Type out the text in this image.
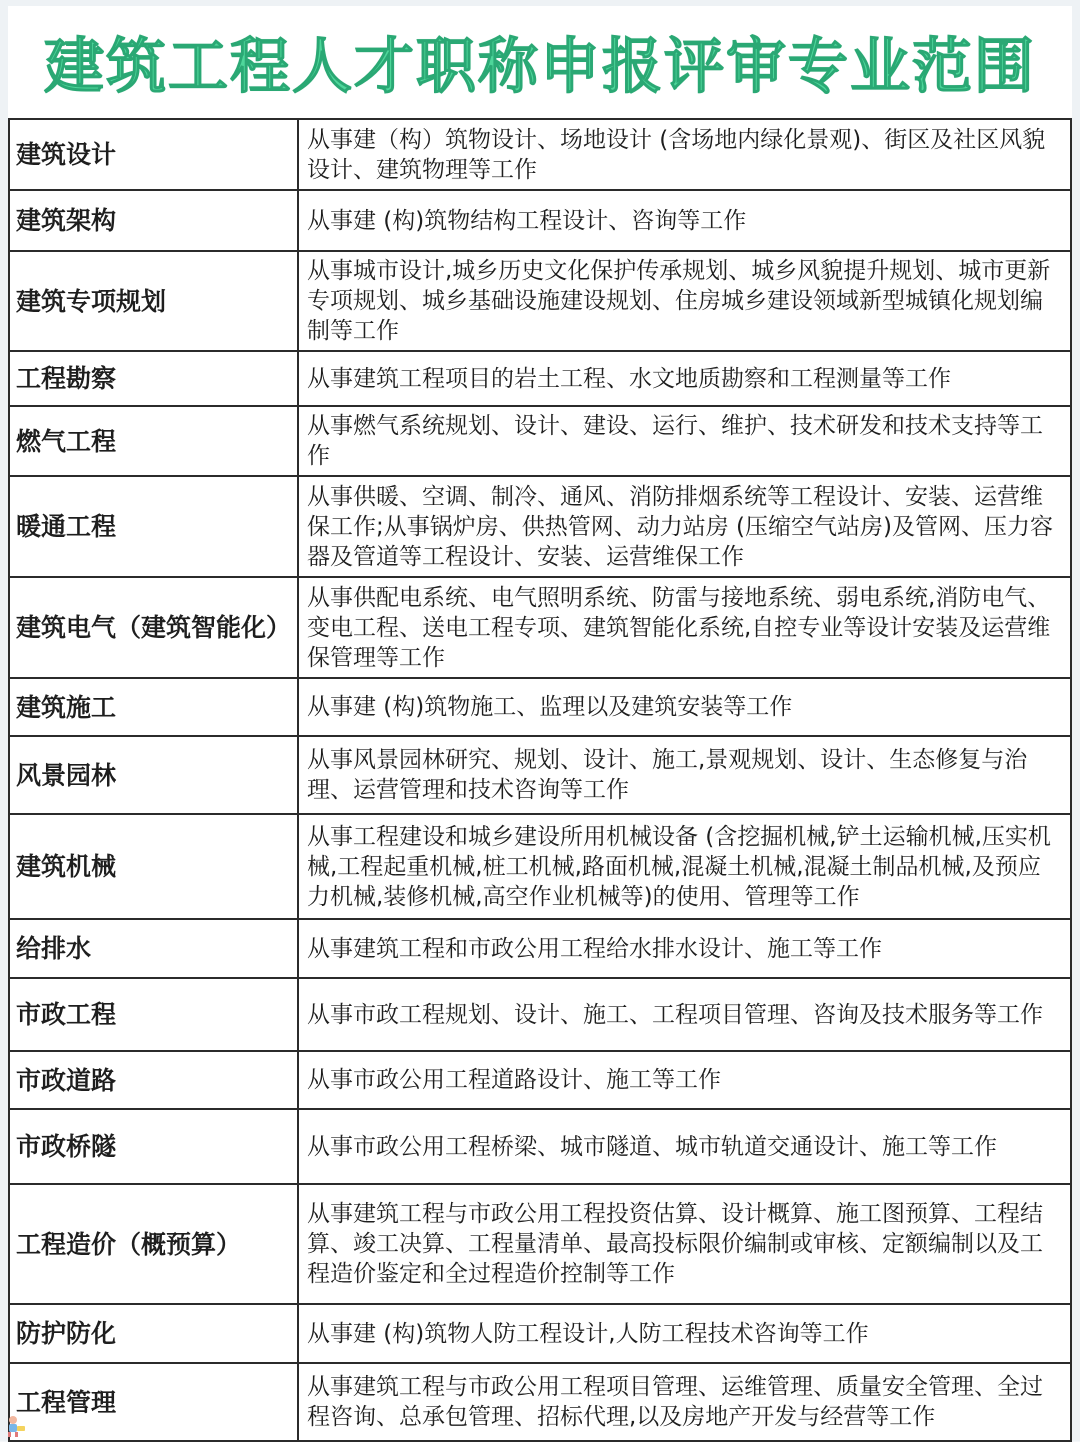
建筑工程人才职称申报评审专业范围
建筑设计	从事建（构）筑物设计、场地设计 (含场地内绿化景观)、街区及社区风貌设计、建筑物理等工作
建筑架构	从事建 (构)筑物结构工程设计、咨询等工作
建筑专项规划	从事城市设计,城乡历史文化保护传承规划、城乡风貌提升规划、城市更新专项规划、城乡基础设施建设规划、住房城乡建设领域新型城镇化规划编制等工作
工程勘察	从事建筑工程项目的岩土工程、水文地质勘察和工程测量等工作
燃气工程	从事燃气系统规划、设计、建设、运行、维护、技术研发和技术支持等工作
暖通工程	从事供暖、空调、制冷、通风、消防排烟系统等工程设计、安装、运营维保工作;从事锅炉房、供热管网、动力站房 (压缩空气站房)及管网、压力容器及管道等工程设计、安装、运营维保工作
建筑电气（建筑智能化）	从事供配电系统、电气照明系统、防雷与接地系统、弱电系统,消防电气、变电工程、送电工程专项、建筑智能化系统,自控专业等设计安装及运营维保管理等工作
建筑施工	从事建 (构)筑物施工、监理以及建筑安装等工作
风景园林	从事风景园林研究、规划、设计、施工,景观规划、设计、生态修复与治理、运营管理和技术咨询等工作
建筑机械	从事工程建设和城乡建设所用机械设备 (含挖掘机械,铲土运输机械,压实机械,工程起重机械,桩工机械,路面机械,混凝土机械,混凝土制品机械,及预应力机械,装修机械,高空作业机械等)的使用、管理等工作
给排水	从事建筑工程和市政公用工程给水排水设计、施工等工作
市政工程	从事市政工程规划、设计、施工、工程项目管理、咨询及技术服务等工作
市政道路	从事市政公用工程道路设计、施工等工作
市政桥隧	从事市政公用工程桥梁、城市隧道、城市轨道交通设计、施工等工作
工程造价（概预算）	从事建筑工程与市政公用工程投资估算、设计概算、施工图预算、工程结算、竣工决算、工程量清单、最高投标限价编制或审核、定额编制以及工程造价鉴定和全过程造价控制等工作
防护防化	从事建 (构)筑物人防工程设计,人防工程技术咨询等工作
工程管理	从事建筑工程与市政公用工程项目管理、运维管理、质量安全管理、全过程咨询、总承包管理、招标代理,以及房地产开发与经营等工作
